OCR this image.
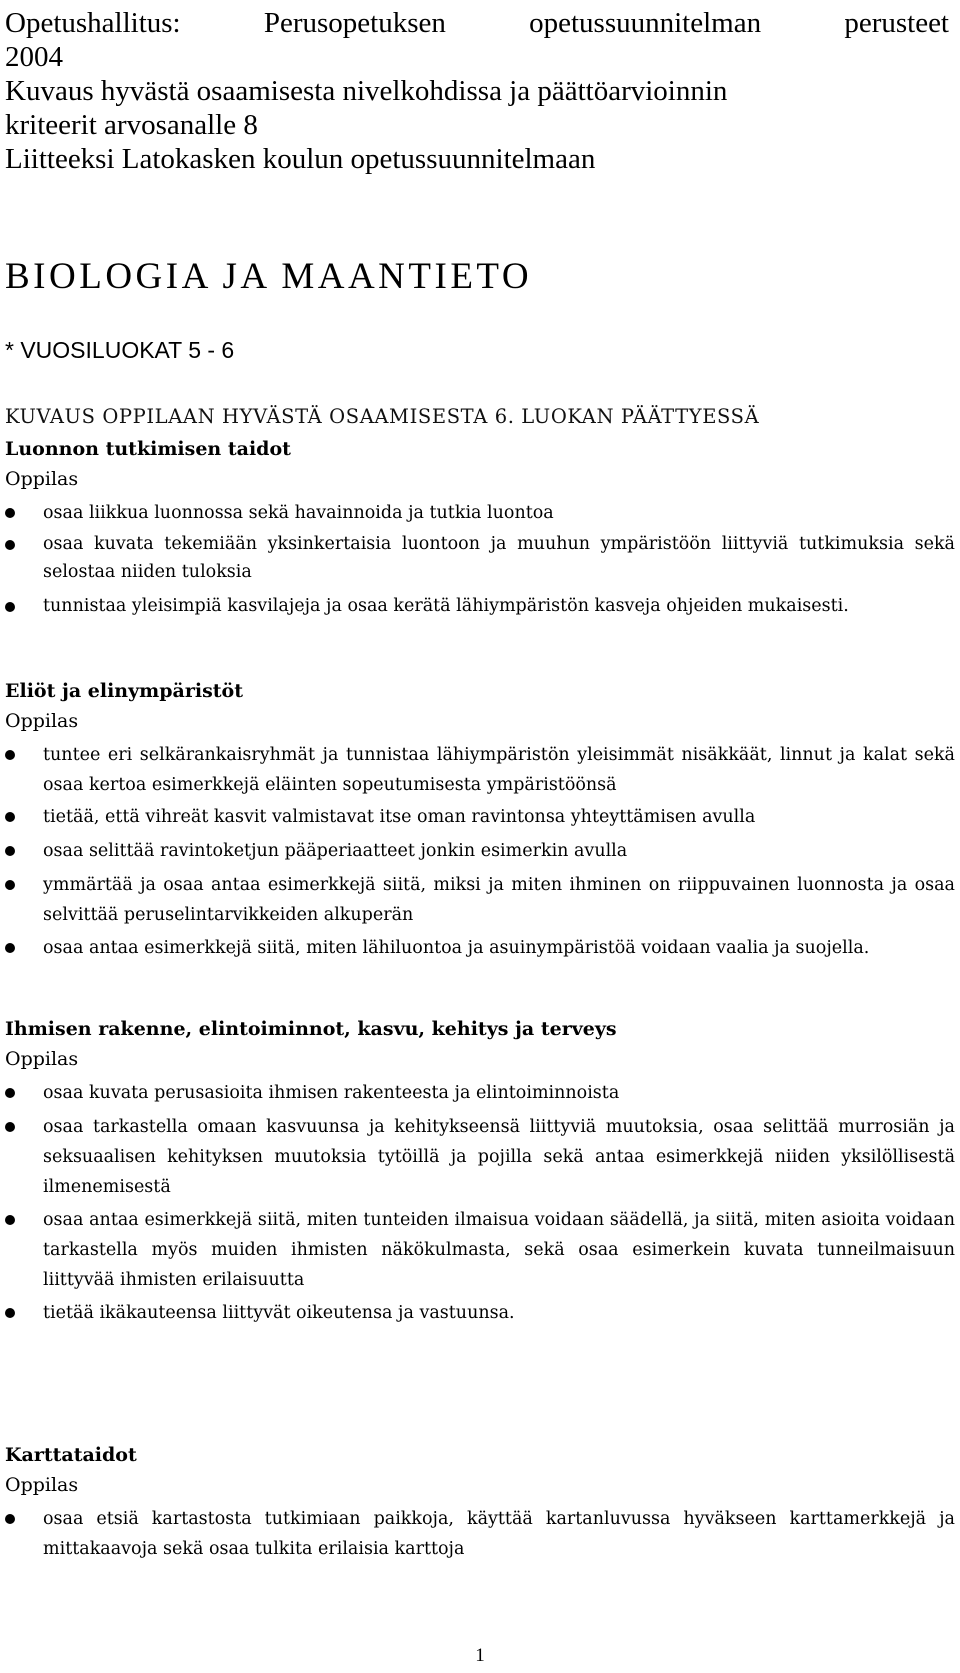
Opetushallitus: Perusopetuksen opetussuunnitelman perusteet
2004
Kuvaus hyvästä osaamisesta nivelkohdissa ja päättöarvioinnin
kriteerit arvosanalle 8
Liitteeksi Latokasken koulun opetussuunnitelmaan
BIOLOGIA JA MAANTIETO
* VUOSILUOKAT 5 - 6
KUVAUS OPPILAAN HYVÄSTÄ OSAAMISESTA 6. LUOKAN PÄÄTTYESSÄ
Luonnon tutkimisen taidot
Oppilas
osaa liikkua luonnossa sekä havainnoida ja tutkia luontoa
osaa kuvata tekemiään yksinkertaisia luontoon ja muuhun ympäristöön liittyviä tutkimuksia sekä selostaa niiden tuloksia
tunnistaa yleisimpiä kasvilajeja ja osaa kerätä lähiympäristön kasveja ohjeiden mukaisesti.
Eliöt ja elinympäristöt
Oppilas
tuntee eri selkärankaisryhmät ja tunnistaa lähiympäristön yleisimmät nisäkkäät, linnut ja kalat sekä osaa kertoa esimerkkejä eläinten sopeutumisesta ympäristöönsä
tietää, että vihreät kasvit valmistavat itse oman ravintonsa yhteyttämisen avulla
osaa selittää ravintoketjun pääperiaatteet jonkin esimerkin avulla
ymmärtää ja osaa antaa esimerkkejä siitä, miksi ja miten ihminen on riippuvainen luonnosta ja osaa selvittää peruselintarvikkeiden alkuperän
osaa antaa esimerkkejä siitä, miten lähiluontoa ja asuinympäristöä voidaan vaalia ja suojella.
Ihmisen rakenne, elintoiminnot, kasvu, kehitys ja terveys
Oppilas
osaa kuvata perusasioita ihmisen rakenteesta ja elintoiminnoista
osaa tarkastella omaan kasvuunsa ja kehitykseensä liittyviä muutoksia, osaa selittää murrosiän ja seksuaalisen kehityksen muutoksia tytöillä ja pojilla sekä antaa esimerkkejä niiden yksilöllisestä ilmenemisestä
osaa antaa esimerkkejä siitä, miten tunteiden ilmaisua voidaan säädellä, ja siitä, miten asioita voidaan tarkastella myös muiden ihmisten näkökulmasta, sekä osaa esimerkein kuvata tunneilmaisuun liittyvää ihmisten erilaisuutta
tietää ikäkauteensa liittyvät oikeutensa ja vastuunsa.
Karttataidot
Oppilas
osaa etsiä kartastosta tutkimiaan paikkoja, käyttää kartanluvussa hyväkseen karttamerkkejä ja mittakaavoja sekä osaa tulkita erilaisia karttoja
1
